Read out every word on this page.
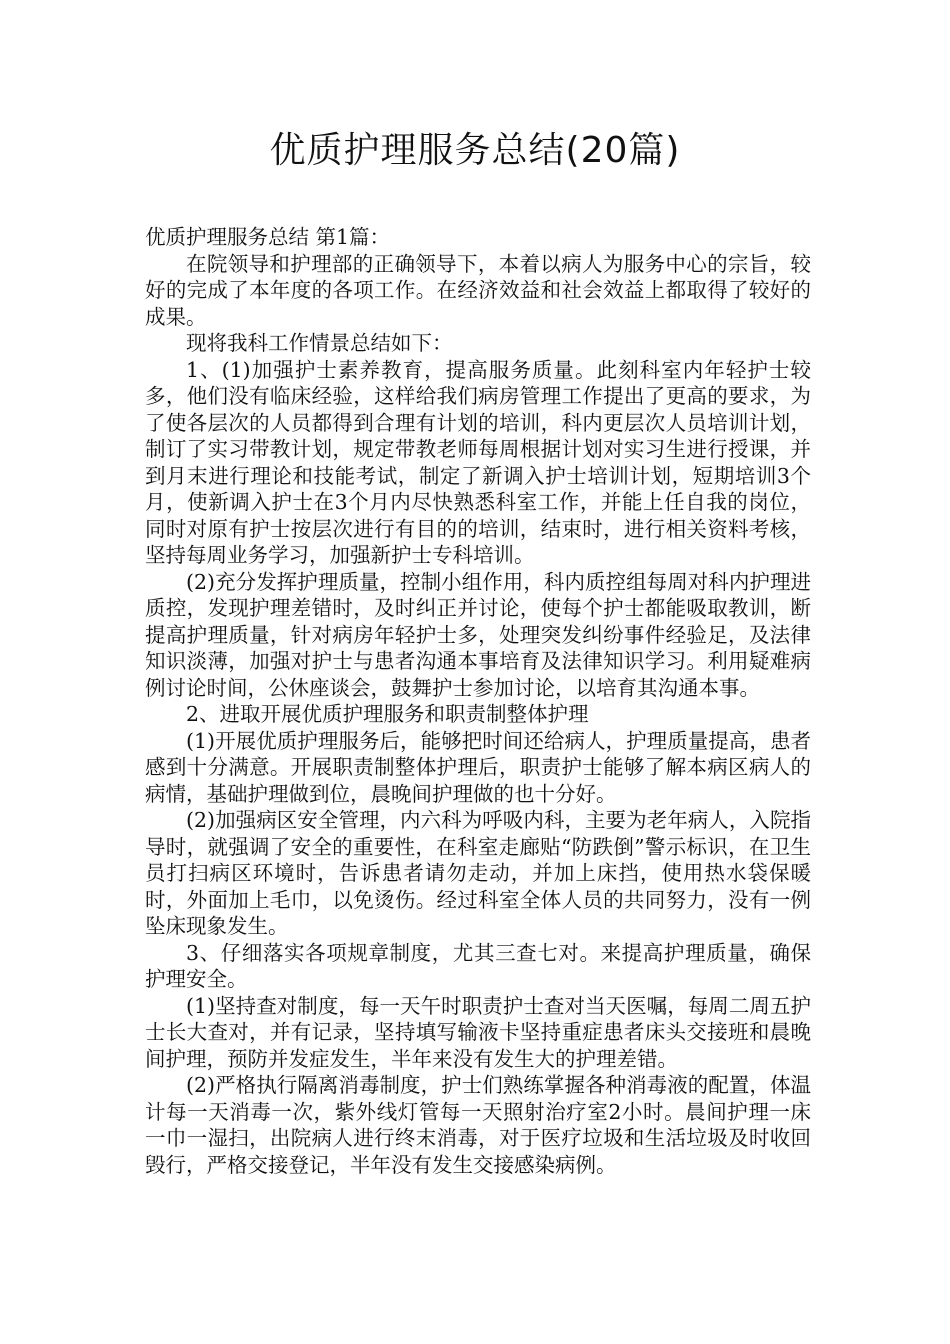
优质护理服务总结(20篇)

优质护理服务总结 第1篇：

在院领导和护理部的正确领导下，本着以病人为服务中心的宗旨，较好的完成了本年度的各项工作。在经济效益和社会效益上都取得了较好的成果。

现将我科工作情景总结如下：

1、(1)加强护士素养教育，提高服务质量。此刻科室内年轻护士较多，他们没有临床经验，这样给我们病房管理工作提出了更高的要求，为了使各层次的人员都得到合理有计划的培训，科内更层次人员培训计划，制订了实习带教计划，规定带教老师每周根据计划对实习生进行授课，并到月末进行理论和技能考试，制定了新调入护士培训计划，短期培训3个月，使新调入护士在3个月内尽快熟悉科室工作，并能上任自我的岗位，同时对原有护士按层次进行有目的的培训，结束时，进行相关资料考核，坚持每周业务学习，加强新护士专科培训。

(2)充分发挥护理质量，控制小组作用，科内质控组每周对科内护理进质控，发现护理差错时，及时纠正并讨论，使每个护士都能吸取教训，断提高护理质量，针对病房年轻护士多，处理突发纠纷事件经验足，及法律知识淡薄，加强对护士与患者沟通本事培育及法律知识学习。利用疑难病例讨论时间，公休座谈会，鼓舞护士参加讨论，以培育其沟通本事。

2、进取开展优质护理服务和职责制整体护理

(1)开展优质护理服务后，能够把时间还给病人，护理质量提高，患者感到十分满意。开展职责制整体护理后，职责护士能够了解本病区病人的病情，基础护理做到位，晨晚间护理做的也十分好。

(2)加强病区安全管理，内六科为呼吸内科，主要为老年病人，入院指导时，就强调了安全的重要性，在科室走廊贴“防跌倒”警示标识，在卫生员打扫病区环境时，告诉患者请勿走动，并加上床挡，使用热水袋保暖时，外面加上毛巾，以免烫伤。经过科室全体人员的共同努力，没有一例坠床现象发生。

3、仔细落实各项规章制度，尤其三查七对。来提高护理质量，确保护理安全。

(1)坚持查对制度，每一天午时职责护士查对当天医嘱，每周二周五护士长大查对，并有记录，坚持填写输液卡坚持重症患者床头交接班和晨晚间护理，预防并发症发生，半年来没有发生大的护理差错。

(2)严格执行隔离消毒制度，护士们熟练掌握各种消毒液的配置，体温计每一天消毒一次，紫外线灯管每一天照射治疗室2小时。晨间护理一床一巾一湿扫，出院病人进行终末消毒，对于医疗垃圾和生活垃圾及时收回毁行，严格交接登记，半年没有发生交接感染病例。
